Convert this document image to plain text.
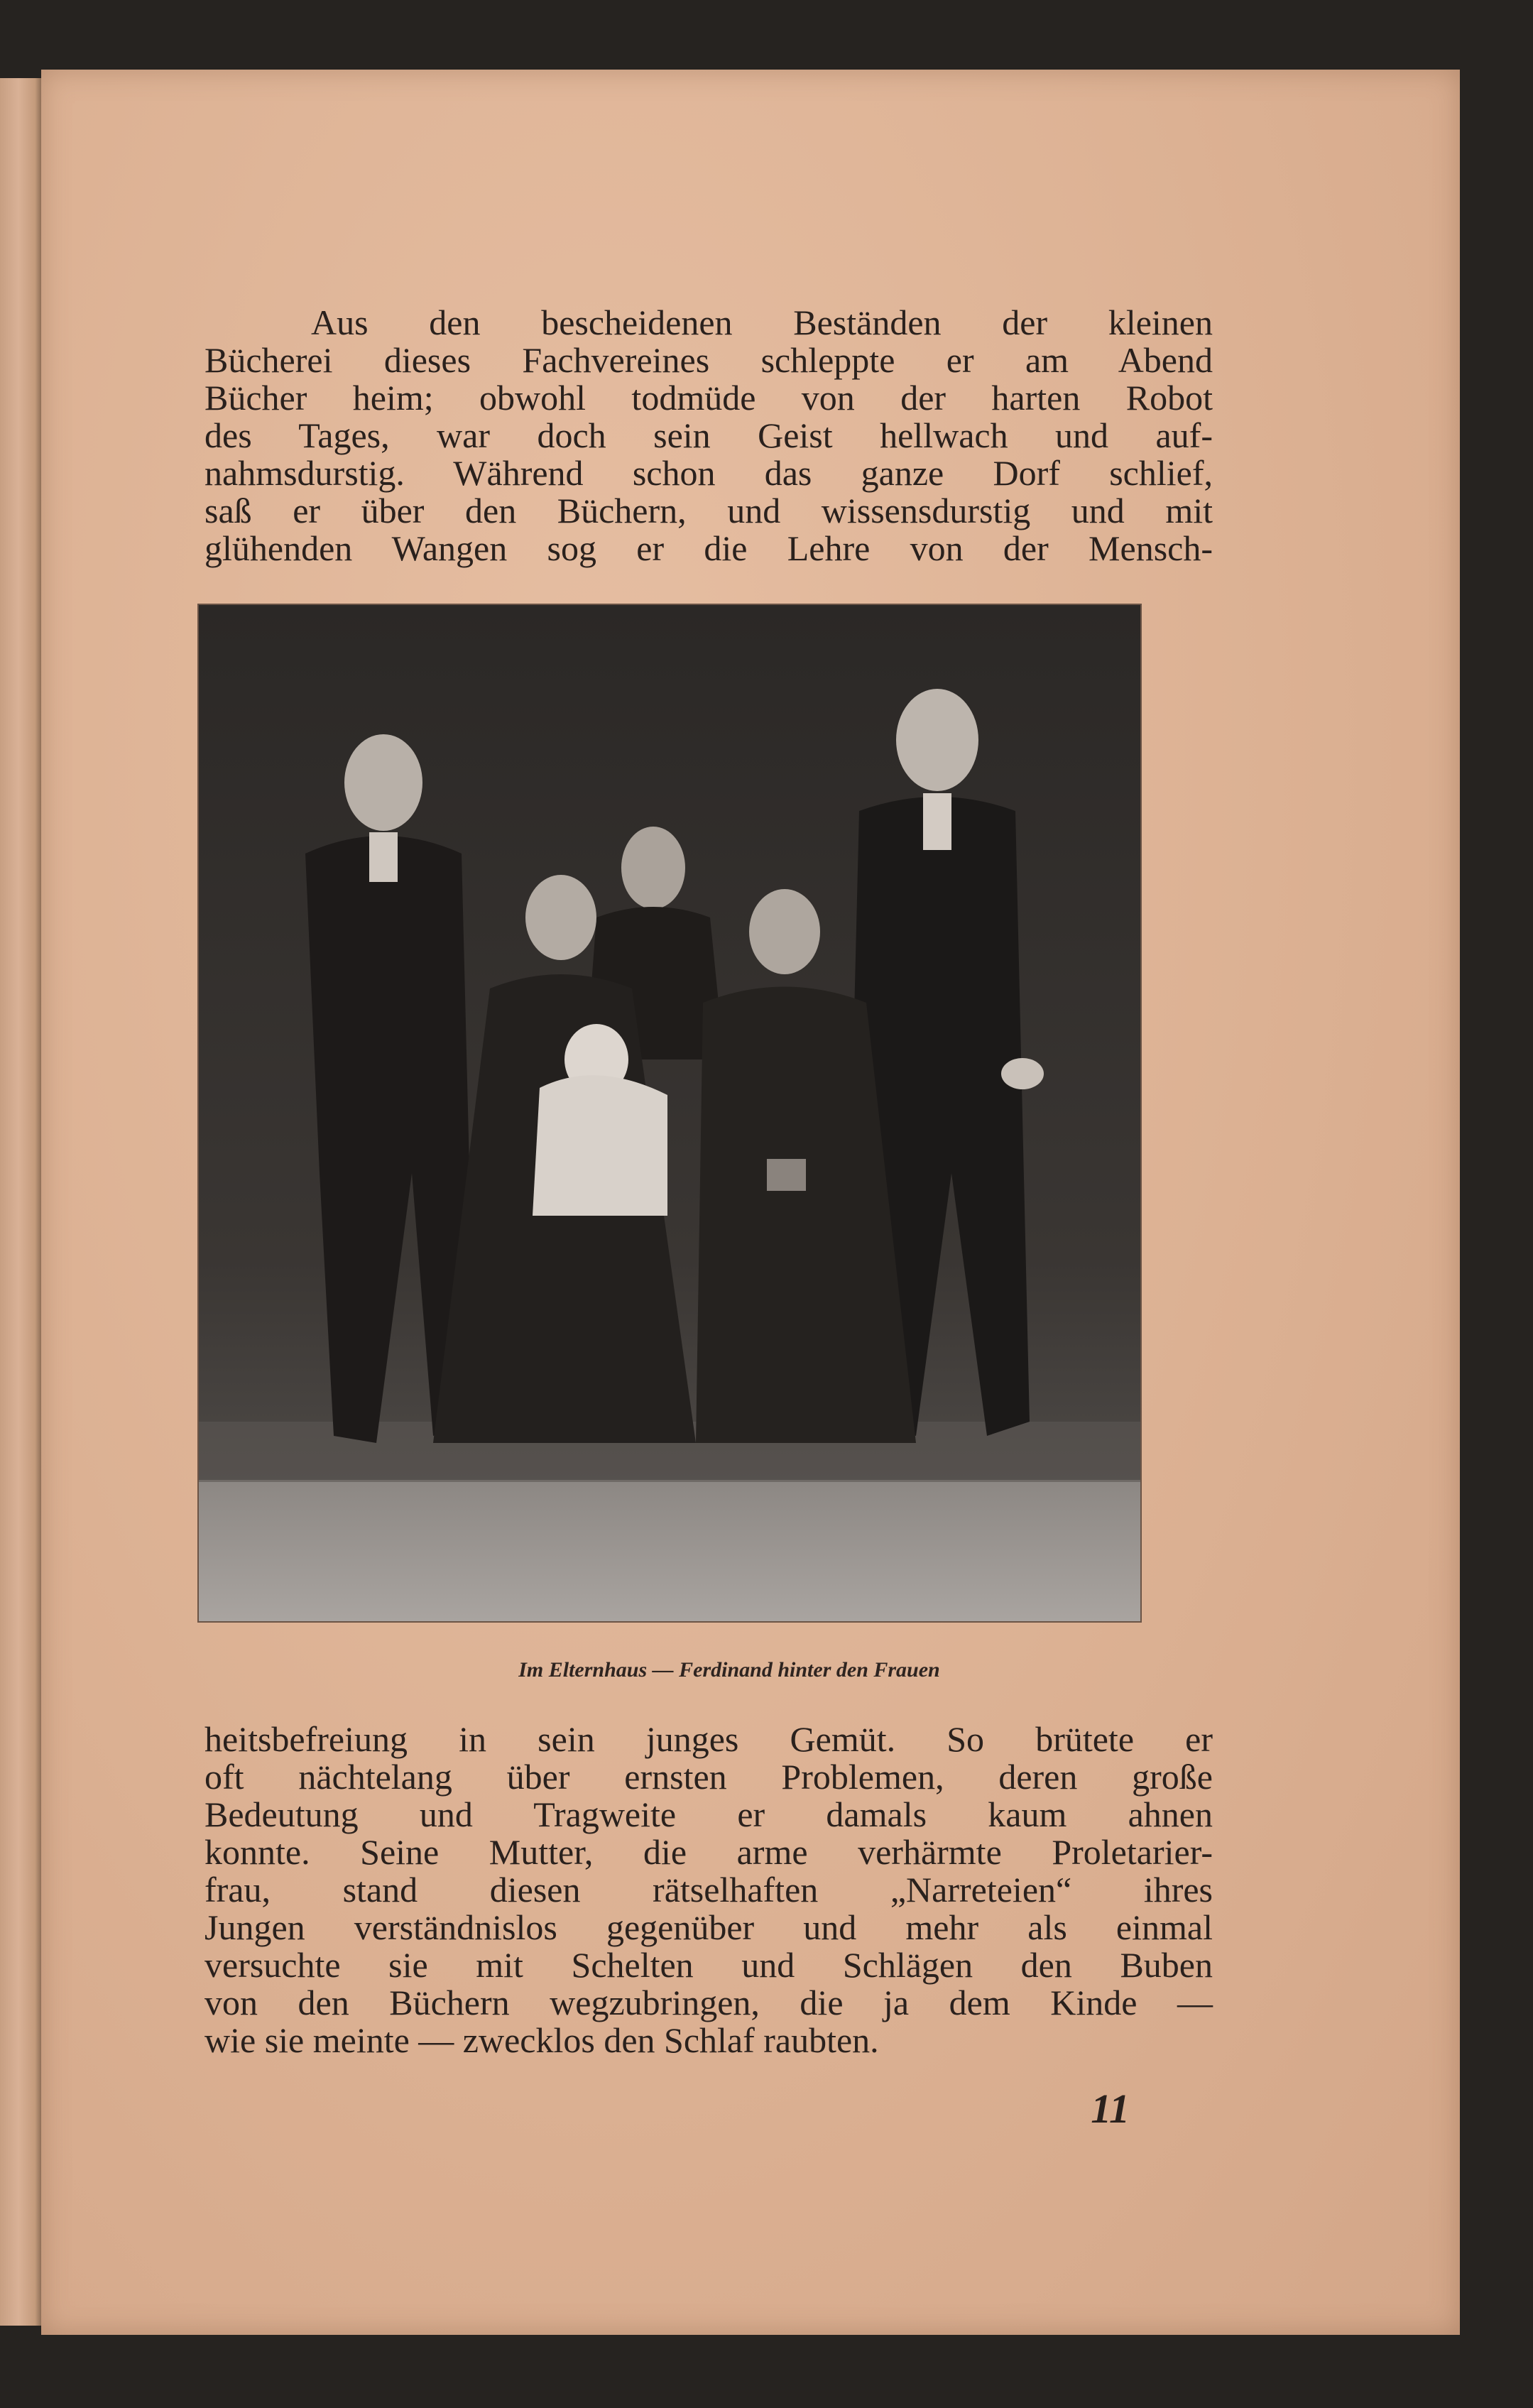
Aus den bescheidenen Beständen der kleinen
Bücherei dieses Fachvereines schleppte er am Abend
Bücher heim; obwohl todmüde von der harten Robot
des Tages, war doch sein Geist hellwach und auf-
nahmsdurstig. Während schon das ganze Dorf schlief,
saß er über den Büchern, und wissensdurstig und mit
glühenden Wangen sog er die Lehre von der Mensch-
Im Elternhaus — Ferdinand hinter den Frauen
heitsbefreiung in sein junges Gemüt. So brütete er
oft nächtelang über ernsten Problemen, deren große
Bedeutung und Tragweite er damals kaum ahnen
konnte. Seine Mutter, die arme verhärmte Proletarier-
frau, stand diesen rätselhaften „Narreteien“ ihres
Jungen verständnislos gegenüber und mehr als einmal
versuchte sie mit Schelten und Schlägen den Buben
von den Büchern wegzubringen, die ja dem Kinde —
wie sie meinte — zwecklos den Schlaf raubten.
11
